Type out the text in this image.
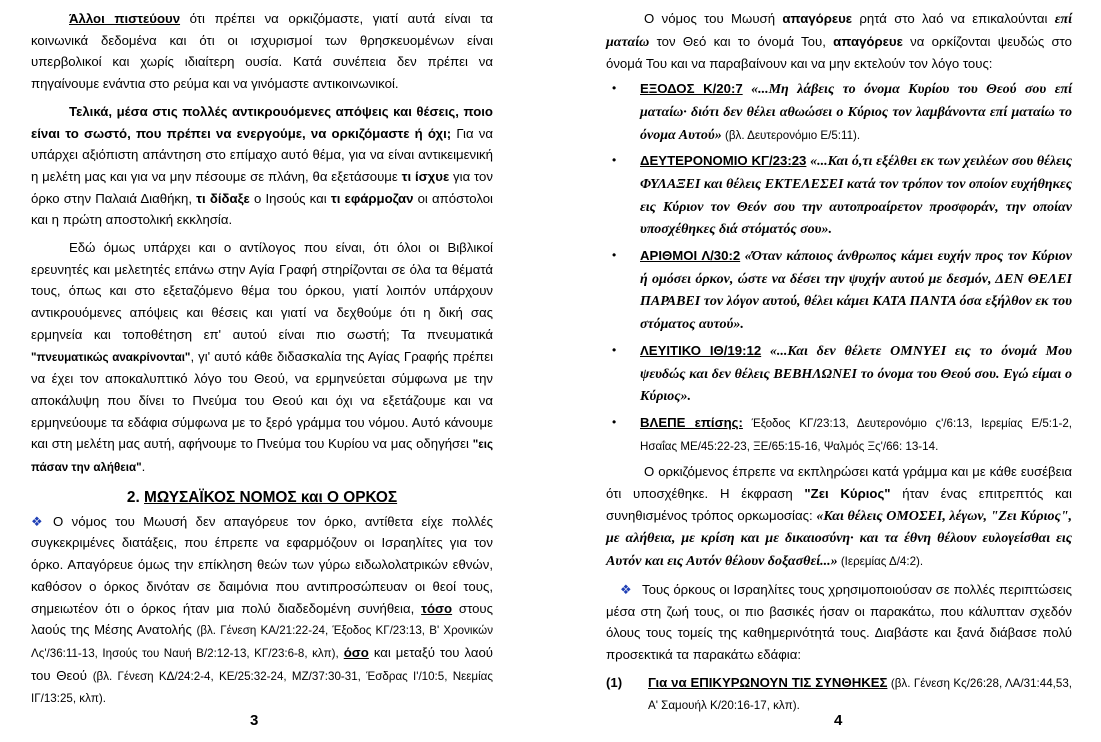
Άλλοι πιστεύουν ότι πρέπει να ορκιζόμαστε, γιατί αυτά είναι τα κοινωνικά δεδομένα και ότι οι ισχυρισμοί των θρησκευομένων είναι υπερβολικοί και χωρίς ιδιαίτερη ουσία. Κατά συνέπεια δεν πρέπει να πηγαίνουμε ενάντια στο ρεύμα και να γινόμαστε αντικοινωνικοί.

Τελικά, μέσα στις πολλές αντικρουόμενες απόψεις και θέσεις, ποιο είναι το σωστό, που πρέπει να ενεργούμε, να ορκιζόμαστε ή όχι; Για να υπάρχει αξιόπιστη απάντηση στο επίμαχο αυτό θέμα, για να είναι αντικειμενική η μελέτη μας και για να μην πέσουμε σε πλάνη, θα εξετάσουμε τι ίσχυε για τον όρκο στην Παλαιά Διαθήκη, τι δίδαξε ο Ιησούς και τι εφάρμοζαν οι απόστολοι και η πρώτη αποστολική εκκλησία.

Εδώ όμως υπάρχει και ο αντίλογος που είναι, ότι όλοι οι Βιβλικοί ερευνητές και μελετητές επάνω στην Αγία Γραφή στηρίζονται σε όλα τα θέματά τους, όπως και στο εξεταζόμενο θέμα του όρκου, γιατί λοιπόν υπάρχουν αντικρουόμενες απόψεις και θέσεις και γιατί να δεχθούμε ότι η δική σας ερμηνεία και τοποθέτηση επ' αυτού είναι πιο σωστή; Τα πνευματικά "πνευματικώς ανακρίνονται", γι' αυτό κάθε διδασκαλία της Αγίας Γραφής πρέπει να έχει τον αποκαλυπτικό λόγο του Θεού, να ερμηνεύεται σύμφωνα με την αποκάλυψη που δίνει το Πνεύμα του Θεού και όχι να εξετάζουμε και να ερμηνεύουμε τα εδάφια σύμφωνα με το ξερό γράμμα του νόμου. Αυτό κάνουμε και στη μελέτη μας αυτή, αφήνουμε το Πνεύμα του Κυρίου να μας οδηγήσει "εις πάσαν την αλήθεια".

2. ΜΩΥΣΑΪΚΟΣ ΝΟΜΟΣ και Ο ΟΡΚΟΣ

❖ Ο νόμος του Μωυσή δεν απαγόρευε τον όρκο, αντίθετα είχε πολλές συγκεκριμένες διατάξεις, που έπρεπε να εφαρμόζουν οι Ισραηλίτες για τον όρκο. Απαγόρευε όμως την επίκληση θεών των γύρω ειδωλολατρικών εθνών, καθόσον ο όρκος δινόταν σε δαιμόνια που αντιπροσώπευαν οι θεοί τους, σημειωτέον ότι ο όρκος ήταν μια πολύ διαδεδομένη συνήθεια, τόσο στους λαούς της Μέσης Ανατολής (βλ. Γένεση ΚΑ/21:22-24, Έξοδος ΚΓ/23:13, Β' Χρονικών Λς'/36:11-13, Ιησούς του Ναυή Β/2:12-13, ΚΓ/23:6-8, κλπ), όσο και μεταξύ του λαού του Θεού (βλ. Γένεση ΚΔ/24:2-4, ΚΕ/25:32-24, ΜΖ/37:30-31, Έσδρας Ι'/10:5, Νεεμίας ΙΓ/13:25, κλπ).

3

Ο νόμος του Μωυσή απαγόρευε ρητά στο λαό να επικαλούνται επί ματαίω τον Θεό και το όνομά Του, απαγόρευε να ορκίζονται ψευδώς στο όνομά Του και να παραβαίνουν και να μην εκτελούν τον λόγο τους:

• ΕΞΟΔΟΣ Κ/20:7 «...Μη λάβεις το όνομα Κυρίου του Θεού σου επί ματαίω· διότι δεν θέλει αθωώσει ο Κύριος τον λαμβάνοντα επί ματαίω το όνομα Αυτού» (βλ. Δευτερονόμιο Ε/5:11).
• ΔΕΥΤΕΡΟΝΟΜΙΟ ΚΓ/23:23 «...Και ό,τι εξέλθει εκ των χειλέων σου θέλεις ΦΥΛΑΞΕΙ και θέλεις ΕΚΤΕΛΕΣΕΙ κατά τον τρόπον τον οποίον ευχήθηκες εις Κύριον τον Θεόν σου την αυτοπροαίρετον προσφοράν, την οποίαν υποσχέθηκες διά στόματός σου».
• ΑΡΙΘΜΟΙ Λ/30:2 «Όταν κάποιος άνθρωπος κάμει ευχήν προς τον Κύριον ή ομόσει όρκον, ώστε να δέσει την ψυχήν αυτού με δεσμόν, ΔΕΝ ΘΕΛΕΙ ΠΑΡΑΒΕΙ τον λόγον αυτού, θέλει κάμει ΚΑΤΑ ΠΑΝΤΑ όσα εξήλθον εκ του στόματος αυτού».
• ΛΕΥΙΤΙΚΟ ΙΘ/19:12 «...Και δεν θέλετε ΟΜΝΥΕΙ εις το όνομά Μου ψευδώς και δεν θέλεις ΒΕΒΗΛΩΝΕΙ το όνομα του Θεού σου. Εγώ είμαι ο Κύριος».
• ΒΛΕΠΕ επίσης: Έξοδος ΚΓ/23:13, Δευτερονόμιο ς'/6:13, Ιερεμίας Ε/5:1-2, Ησαΐας ΜΕ/45:22-23, ΞΕ/65:15-16, Ψαλμός Ξς'/66: 13-14.

Ο ορκιζόμενος έπρεπε να εκπληρώσει κατά γράμμα και με κάθε ευσέβεια ότι υποσχέθηκε. Η έκφραση "Ζει Κύριος" ήταν ένας επιτρεπτός και συνηθισμένος τρόπος ορκωμοσίας: «Και θέλεις ΟΜΟΣΕΙ, λέγων, "Ζει Κύριος", με αλήθεια, με κρίση και με δικαιοσύνη· και τα έθνη θέλουν ευλογείσθαι εις Αυτόν και εις Αυτόν θέλουν δοξασθεί...» (Ιερεμίας Δ/4:2).

❖ Τους όρκους οι Ισραηλίτες τους χρησιμοποιούσαν σε πολλές περιπτώσεις μέσα στη ζωή τους, οι πιο βασικές ήσαν οι παρακάτω, που κάλυπταν σχεδόν όλους τους τομείς της καθημερινότητά τους. Διαβάστε και ξανά διάβασε πολύ προσεκτικά τα παρακάτω εδάφια:

(1) Για να ΕΠΙΚΥΡΩΝΟΥΝ ΤΙΣ ΣΥΝΘΗΚΕΣ (βλ. Γένεση Κς/26:28, ΛΑ/31:44,53, Α' Σαμουήλ Κ/20:16-17, κλπ).
4
